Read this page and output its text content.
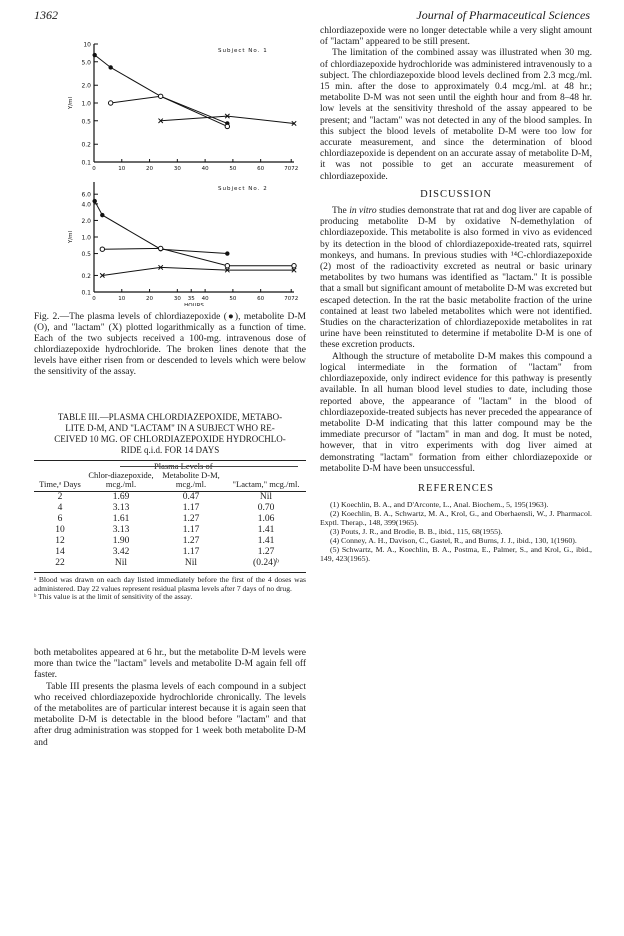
1362	Journal of Pharmaceutical Sciences
10
5.0
2.0
1.0
0.5
0.2
0.1
0	10	20	30	40	50	60	7072
Subject No. 1
Y/ml
6.0
4.0
2.0
1.0
0.5
0.2
0.1
0	10	20	30 35 40	50	60	7072
Subject No. 2
Y/ml
HOURS
Fig. 2.—The plasma levels of chlordiazepoxide (●), metabolite D-M (O), and "lactam" (X) plotted logarithmically as a function of time. Each of the two subjects received a 100-mg. intravenous dose of chlordiazepoxide hydrochloride. The broken lines denote that the levels have either risen from or descended to levels which were below the sensitivity of the assay.
TABLE III.—PLASMA CHLORDIAZEPOXIDE, METABO-
LITE D-M, AND "LACTAM" IN A SUBJECT WHO RE-
CEIVED 10 MG. OF CHLORDIAZEPOXIDE HYDROCHLO-
RIDE q.i.d. FOR 14 DAYS
Plasma Levels of
Time,ᵃ Days	Chlor-diazepoxide, mcg./ml.	Metabolite D-M, mcg./ml.	"Lactam," mcg./ml.

2	1.69	0.47	Nil
4	3.13	1.17	0.70
6	1.61	1.27	1.06
10	3.13	1.17	1.41
12	1.90	1.27	1.41
14	3.42	1.17	1.27
22	Nil	Nil	(0.24)ᵇ

ᵃ Blood was drawn on each day listed immediately before the first of the 4 doses was administered. Day 22 values represent residual plasma levels after 7 days of no drug.
ᵇ This value is at the limit of sensitivity of the assay.

both metabolites appeared at 6 hr., but the metabolite D-M levels were more than twice the "lactam" levels and metabolite D-M again fell off faster.

Table III presents the plasma levels of each compound in a subject who received chlordiazepoxide hydrochloride chronically. The levels of the metabolites are of particular interest because it is again seen that metabolite D-M is detectable in the blood before "lactam" and that after drug administration was stopped for 1 week both metabolite D-M and

chlordiazepoxide were no longer detectable while a very slight amount of "lactam" appeared to be still present.

The limitation of the combined assay was illustrated when 30 mg. of chlordiazepoxide hydrochloride was administered intravenously to a subject. The chlordiazepoxide blood levels declined from 2.3 mcg./ml. 15 min. after the dose to approximately 0.4 mcg./ml. at 48 hr.; metabolite D-M was not seen until the eighth hour and from 8–48 hr. low levels at the sensitivity threshold of the assay appeared to be present; and "lactam" was not detected in any of the blood samples. In this subject the blood levels of metabolite D-M were too low for accurate measurement, and since the determination of blood chlordiazepoxide is dependent on an accurate assay of metabolite D-M, it was not possible to get an accurate measurement of chlordiazepoxide.

DISCUSSION

The in vitro studies demonstrate that rat and dog liver are capable of producing metabolite D-M by oxidative N-demethylation of chlordiazepoxide. This metabolite is also formed in vivo as evidenced by its detection in the blood of chlordiazepoxide-treated rats, squirrel monkeys, and humans. In previous studies with ¹⁴C-chlordiazepoxide (2) most of the radioactivity excreted as neutral or basic urinary metabolites by two humans was identified as "lactam." It is possible that a small but significant amount of metabolite D-M was excreted but escaped detection. In the rat the basic metabolite fraction of the urine contained at least two labeled metabolites which were not identified. Studies on the characterization of chlordiazepoxide metabolites in rat urine have been reinstituted to determine if metabolite D-M is one of these excretion products.

Although the structure of metabolite D-M makes this compound a logical intermediate in the formation of "lactam" from chlordiazepoxide, only indirect evidence for this pathway is presently available. In all human blood level studies to date, including those reported above, the appearance of "lactam" in the blood of chlordiazepoxide-treated subjects has never preceded the appearance of metabolite D-M indicating that this latter compound may be the immediate precursor of "lactam" in man and dog. It must be noted, however, that in vitro experiments with dog liver aimed at demonstrating "lactam" formation from either chlordiazepoxide or metabolite D-M have been unsuccessful.

REFERENCES

(1) Koechlin, B. A., and D'Arconte, L., Anal. Biochem., 5, 195(1963).

(2) Koechlin, B. A., Schwartz, M. A., Krol, G., and Oberhaensli, W., J. Pharmacol. Exptl. Therap., 148, 399(1965).

(3) Pouts, J. R., and Brodie, B. B., ibid., 115, 68(1955).

(4) Conney, A. H., Davison, C., Gastel, R., and Burns, J. J., ibid., 130, 1(1960).

(5) Schwartz, M. A., Koechlin, B. A., Postma, E., Palmer, S., and Krol, G., ibid., 149, 423(1965).
